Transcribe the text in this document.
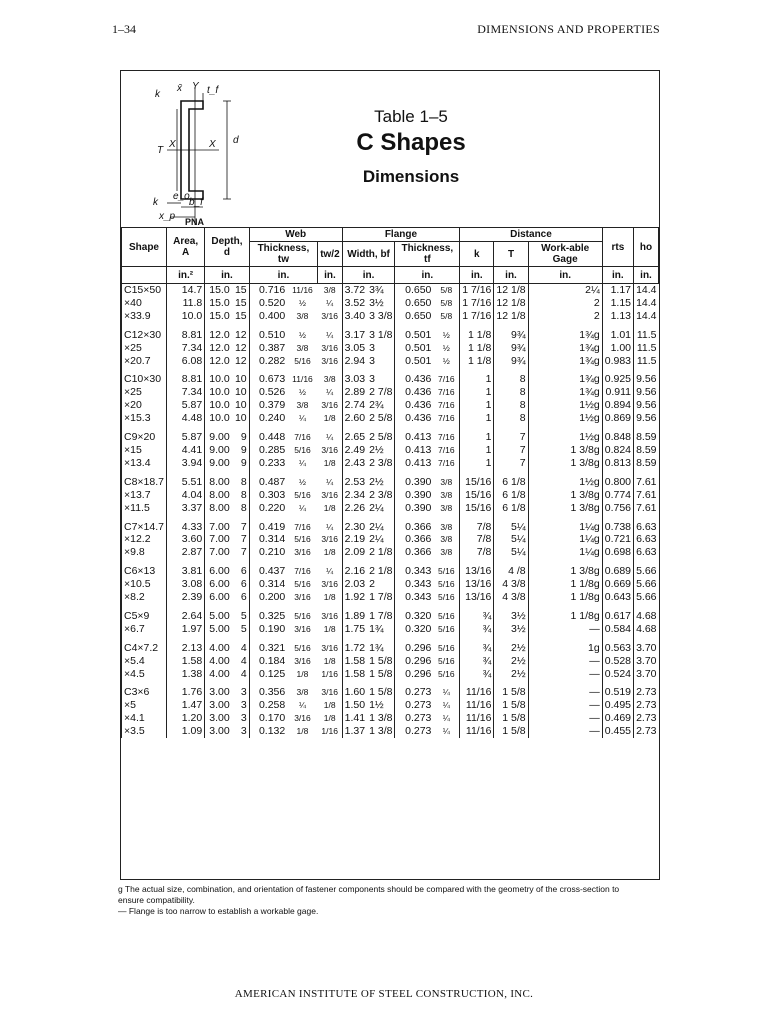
1–34	DIMENSIONS AND PROPERTIES
k
x̄ Y t_f
T
X	X d
k
e_o
b_f
x_p PNA
Table 1–5
C Shapes
Dimensions
Shape	Area, A	Depth, d		Web			Flange				Distance			rts	ho
				Thickness, tw		tw/2	Width, bf		Thickness, tf		k	T	Work-able Gage		
	in.²	in.		in.		in.	in.		in.		in.	in.	in.	in.	in.
C15×50	14.7	15.0	15	0.716	11/16	3/8	3.72	3¾	0.650	5/8	1 7/16	12 1/8	2¼	1.17	14.4
×40	11.8	15.0	15	0.520	½	¼	3.52	3½	0.650	5/8	1 7/16	12 1/8	2	1.15	14.4
×33.9	10.0	15.0	15	0.400	3/8	3/16	3.40	3 3/8	0.650	5/8	1 7/16	12 1/8	2	1.13	14.4

C12×30	8.81	12.0	12	0.510	½	¼	3.17	3 1/8	0.501	½	1 1/8	9¾	1¾g	1.01	11.5
×25	7.34	12.0	12	0.387	3/8	3/16	3.05	3	0.501	½	1 1/8	9¾	1¾g	1.00	11.5
×20.7	6.08	12.0	12	0.282	5/16	3/16	2.94	3	0.501	½	1 1/8	9¾	1¾g	0.983	11.5

C10×30	8.81	10.0	10	0.673	11/16	3/8	3.03	3	0.436	7/16	1	8	1¾g	0.925	9.56
×25	7.34	10.0	10	0.526	½	¼	2.89	2 7/8	0.436	7/16	1	8	1¾g	0.911	9.56
×20	5.87	10.0	10	0.379	3/8	3/16	2.74	2¾	0.436	7/16	1	8	1½g	0.894	9.56
×15.3	4.48	10.0	10	0.240	¼	1/8	2.60	2 5/8	0.436	7/16	1	8	1½g	0.869	9.56

C9×20	5.87	9.00	9	0.448	7/16	¼	2.65	2 5/8	0.413	7/16	1	7	1½g	0.848	8.59
×15	4.41	9.00	9	0.285	5/16	3/16	2.49	2½	0.413	7/16	1	7	1 3/8g	0.824	8.59
×13.4	3.94	9.00	9	0.233	¼	1/8	2.43	2 3/8	0.413	7/16	1	7	1 3/8g	0.813	8.59

C8×18.7	5.51	8.00	8	0.487	½	¼	2.53	2½	0.390	3/8	15/16	6 1/8	1½g	0.800	7.61
×13.7	4.04	8.00	8	0.303	5/16	3/16	2.34	2 3/8	0.390	3/8	15/16	6 1/8	1 3/8g	0.774	7.61
×11.5	3.37	8.00	8	0.220	¼	1/8	2.26	2¼	0.390	3/8	15/16	6 1/8	1 3/8g	0.756	7.61

C7×14.7	4.33	7.00	7	0.419	7/16	¼	2.30	2¼	0.366	3/8	7/8	5¼	1¼g	0.738	6.63
×12.2	3.60	7.00	7	0.314	5/16	3/16	2.19	2¼	0.366	3/8	7/8	5¼	1¼g	0.721	6.63
×9.8	2.87	7.00	7	0.210	3/16	1/8	2.09	2 1/8	0.366	3/8	7/8	5¼	1¼g	0.698	6.63

C6×13	3.81	6.00	6	0.437	7/16	¼	2.16	2 1/8	0.343	5/16	13/16	4 /8	1 3/8g	0.689	5.66
×10.5	3.08	6.00	6	0.314	5/16	3/16	2.03	2	0.343	5/16	13/16	4 3/8	1 1/8g	0.669	5.66
×8.2	2.39	6.00	6	0.200	3/16	1/8	1.92	1 7/8	0.343	5/16	13/16	4 3/8	1 1/8g	0.643	5.66

C5×9	2.64	5.00	5	0.325	5/16	3/16	1.89	1 7/8	0.320	5/16	¾	3½	1 1/8g	0.617	4.68
×6.7	1.97	5.00	5	0.190	3/16	1/8	1.75	1¾	0.320	5/16	¾	3½	—	0.584	4.68

C4×7.2	2.13	4.00	4	0.321	5/16	3/16	1.72	1¾	0.296	5/16	¾	2½	1g	0.563	3.70
×5.4	1.58	4.00	4	0.184	3/16	1/8	1.58	1 5/8	0.296	5/16	¾	2½	—	0.528	3.70
×4.5	1.38	4.00	4	0.125	1/8	1/16	1.58	1 5/8	0.296	5/16	¾	2½	—	0.524	3.70

C3×6	1.76	3.00	3	0.356	3/8	3/16	1.60	1 5/8	0.273	¼	11/16	1 5/8	—	0.519	2.73
×5	1.47	3.00	3	0.258	¼	1/8	1.50	1½	0.273	¼	11/16	1 5/8	—	0.495	2.73
×4.1	1.20	3.00	3	0.170	3/16	1/8	1.41	1 3/8	0.273	¼	11/16	1 5/8	—	0.469	2.73
×3.5	1.09	3.00	3	0.132	1/8	1/16	1.37	1 3/8	0.273	¼	11/16	1 5/8	—	0.455	2.73
g The actual size, combination, and orientation of fastener components should be compared with the geometry of the cross-section to ensure compatibility.
— Flange is too narrow to establish a workable gage.
AMERICAN INSTITUTE OF STEEL CONSTRUCTION, INC.
